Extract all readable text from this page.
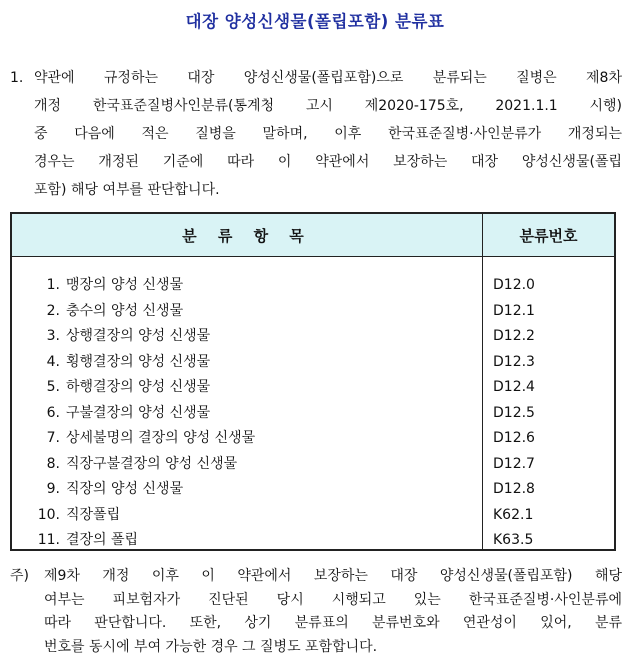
대장 양성신생물(폴립포함) 분류표
1. 약관에 규정하는 대장 양성신생물(폴립포함)으로 분류되는 질병은 제8차
개정 한국표준질병사인분류(통계청 고시 제2020-175호, 2021.1.1 시행)
중 다음에 적은 질병을 말하며, 이후 한국표준질병·사인분류가 개정되는
경우는 개정된 기준에 따라 이 약관에서 보장하는 대장 양성신생물(폴립
포함) 해당 여부를 판단합니다.
분 류 항 목	분류번호
1. 맹장의 양성 신생물
2. 충수의 양성 신생물
3. 상행결장의 양성 신생물
4. 횡행결장의 양성 신생물
5. 하행결장의 양성 신생물
6. 구불결장의 양성 신생물
7. 상세불명의 결장의 양성 신생물
8. 직장구불결장의 양성 신생물
9. 직장의 양성 신생물
10. 직장폴립
11. 결장의 폴립
D12.0
D12.1
D12.2
D12.3
D12.4
D12.5
D12.6
D12.7
D12.8
K62.1
K63.5
주)	제9차 개정 이후 이 약관에서 보장하는 대장 양성신생물(폴립포함) 해당
여부는 피보험자가 진단된 당시 시행되고 있는 한국표준질병·사인분류에
따라 판단합니다. 또한, 상기 분류표의 분류번호와 연관성이 있어, 분류
번호를 동시에 부여 가능한 경우 그 질병도 포함합니다.
